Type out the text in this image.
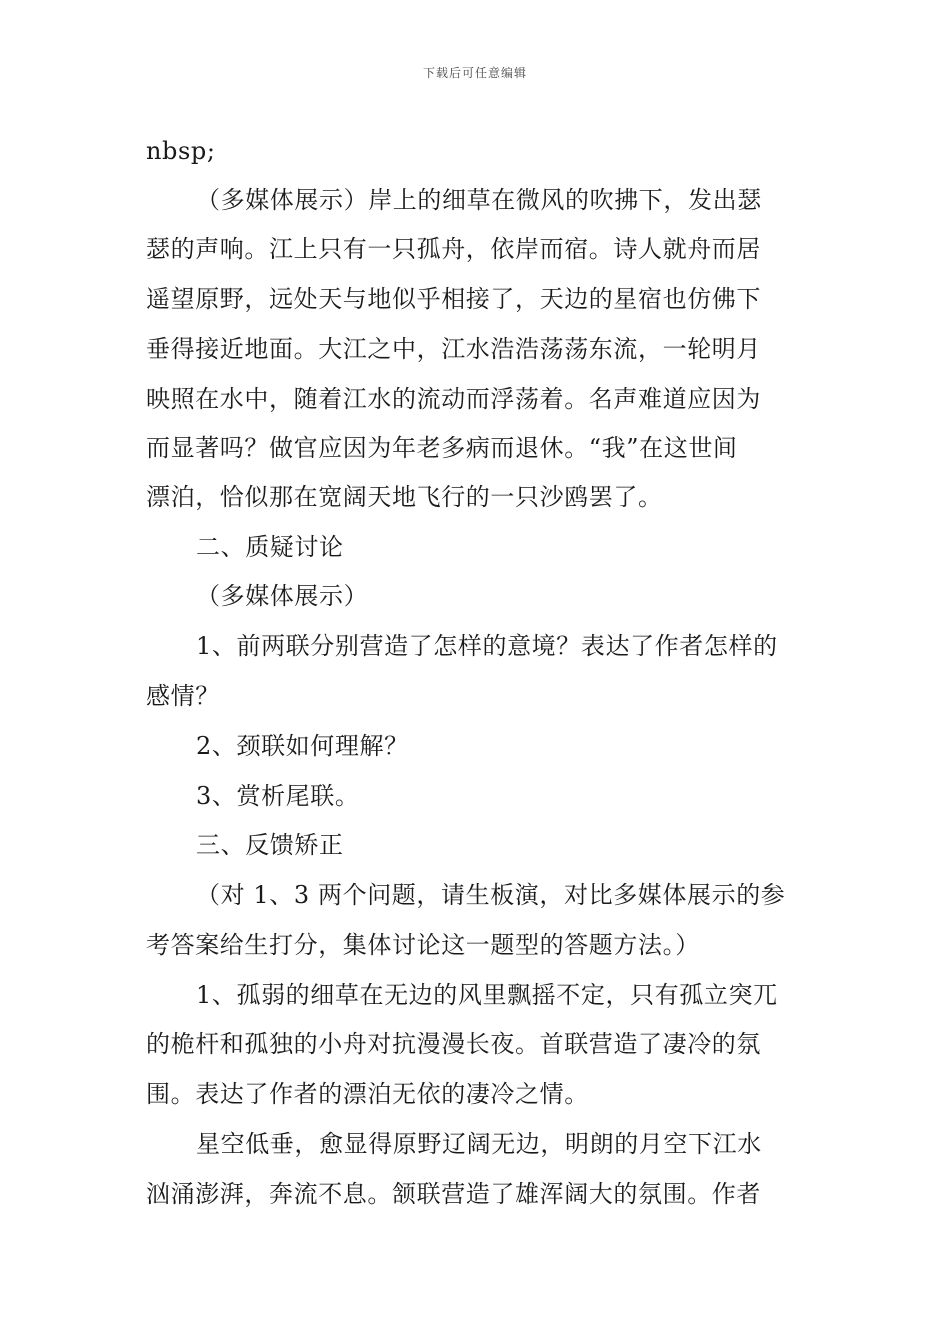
下载后可任意编辑
nbsp;
（多媒体展示）岸上的细草在微风的吹拂下，发出瑟
瑟的声响。江上只有一只孤舟，依岸而宿。诗人就舟而居
遥望原野，远处天与地似乎相接了，天边的星宿也仿佛下
垂得接近地面。大江之中，江水浩浩荡荡东流，一轮明月
映照在水中，随着江水的流动而浮荡着。名声难道应因为
而显著吗？做官应因为年老多病而退休。“我”在这世间
漂泊，恰似那在宽阔天地飞行的一只沙鸥罢了。
二、质疑讨论
（多媒体展示）
1、前两联分别营造了怎样的意境？表达了作者怎样的
感情？
2、颈联如何理解？
3、赏析尾联。
三、反馈矫正
（对 1、3 两个问题，请生板演，对比多媒体展示的参
考答案给生打分，集体讨论这一题型的答题方法。）
1、孤弱的细草在无边的风里飘摇不定，只有孤立突兀
的桅杆和孤独的小舟对抗漫漫长夜。首联营造了凄冷的氛
围。表达了作者的漂泊无依的凄冷之情。
星空低垂，愈显得原野辽阔无边，明朗的月空下江水
汹涌澎湃，奔流不息。颔联营造了雄浑阔大的氛围。作者
